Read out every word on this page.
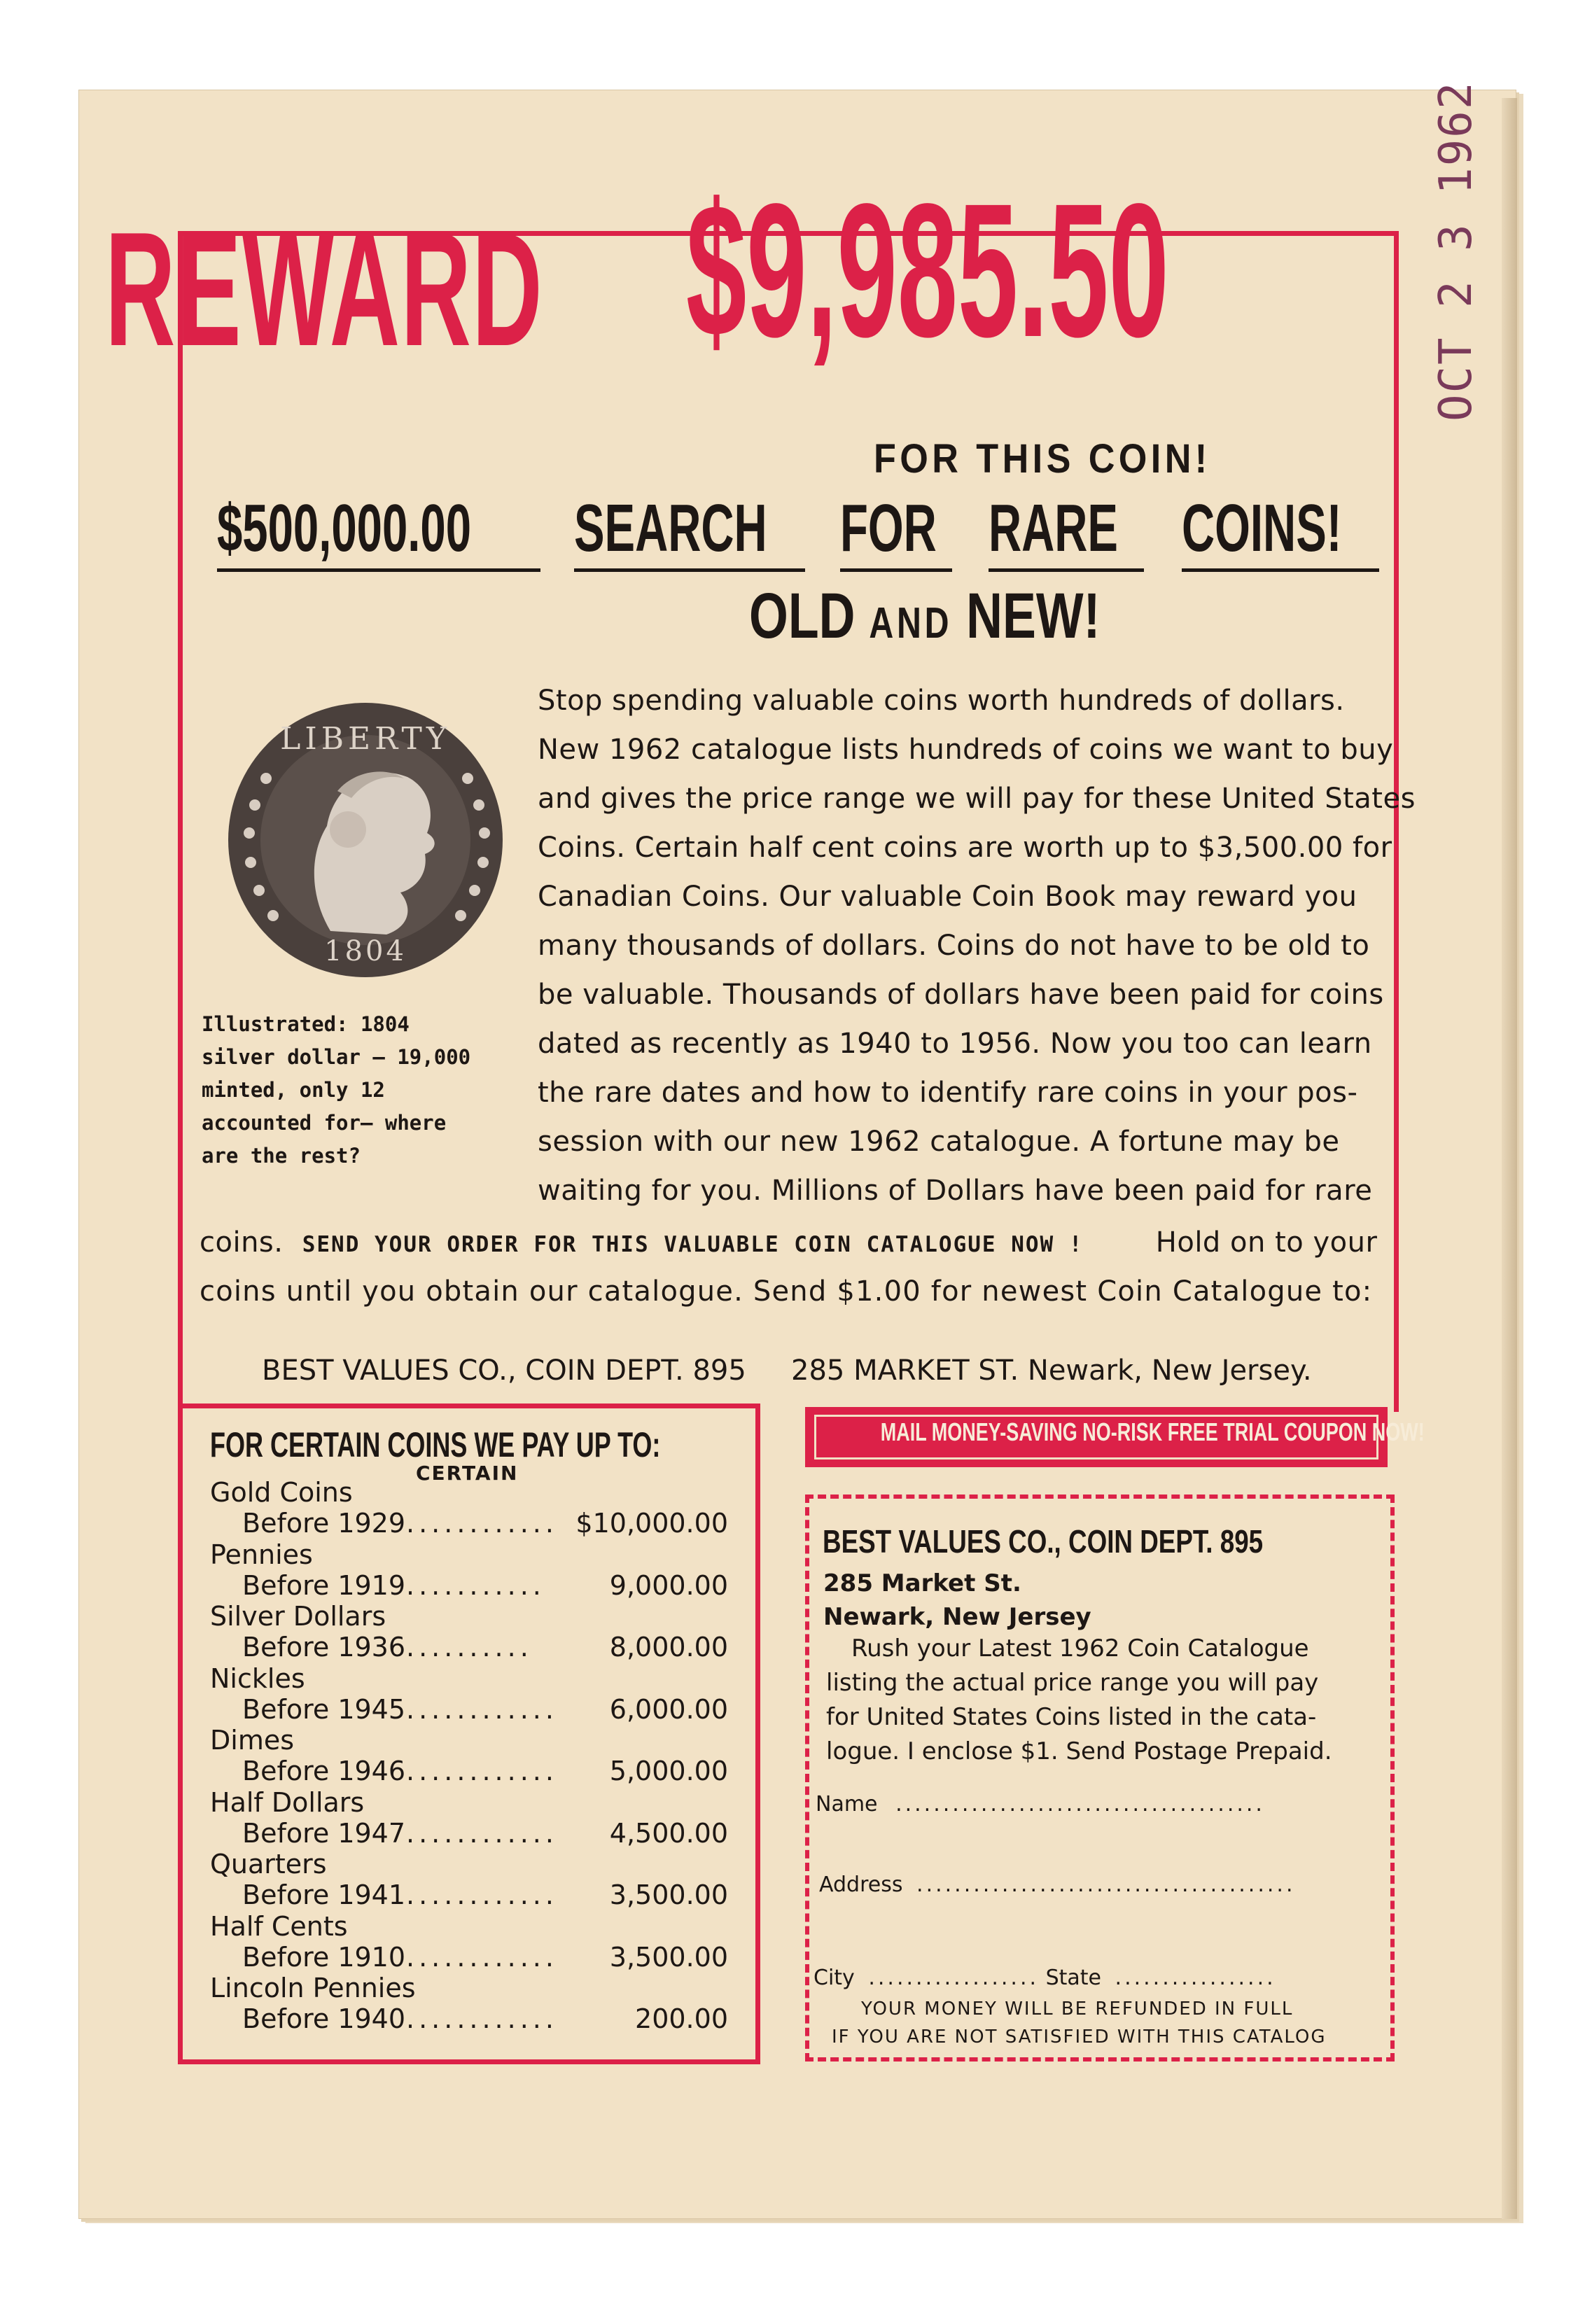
OCT 2 3 1962
REWARD $9,985.50
FOR THIS COIN!
$500,000.00 SEARCH FOR RARE COINS!
OLD AND NEW!
LIBERTY
1804
Illustrated: 1804 silver dollar — 19,000 minted, only 12 accounted for— where are the rest?
Stop spending valuable coins worth hundreds of dollars.
New 1962 catalogue lists hundreds of coins we want to buy
and gives the price range we will pay for these United States
Coins. Certain half cent coins are worth up to $3,500.00 for
Canadian Coins. Our valuable Coin Book may reward you
many thousands of dollars. Coins do not have to be old to
be valuable. Thousands of dollars have been paid for coins
dated as recently as 1940 to 1956. Now you too can learn
the rare dates and how to identify rare coins in your pos-
session with our new 1962 catalogue. A fortune may be
waiting for you. Millions of Dollars have been paid for rare
coins. SEND YOUR ORDER FOR THIS VALUABLE COIN CATALOGUE NOW !	Hold on to your
coins until you obtain our catalogue. Send $1.00 for newest Coin Catalogue to:
BEST VALUES CO., COIN DEPT. 895 285 MARKET ST. Newark, New Jersey.
FOR CERTAIN COINS WE PAY UP TO:
CERTAIN
Gold Coins
Before 1929 ............ $10,000.00
Pennies
Before 1919 ........... 9,000.00
Silver Dollars
Before 1936 ..........	8,000.00
Nickles
Before 1945 ............ 6,000.00
Dimes
Before 1946 ............ 5,000.00
Half Dollars
Before 1947 ............ 4,500.00
Quarters
Before 1941 ............ 3,500.00
Half Cents
Before 1910 ............ 3,500.00
Lincoln Pennies
Before 1940 ............	200.00
MAIL MONEY-SAVING NO-RISK FREE TRIAL COUPON NOW!
BEST VALUES CO., COIN DEPT. 895
285 Market St.
Newark, New Jersey
Rush your Latest 1962 Coin Catalogue
listing the actual price range you will pay
for United States Coins listed in the cata-
logue. I enclose $1. Send Postage Prepaid.
Name .......................................
Address ........................................
City .................. State .................
YOUR MONEY WILL BE REFUNDED IN FULL
IF YOU ARE NOT SATISFIED WITH THIS CATALOG
